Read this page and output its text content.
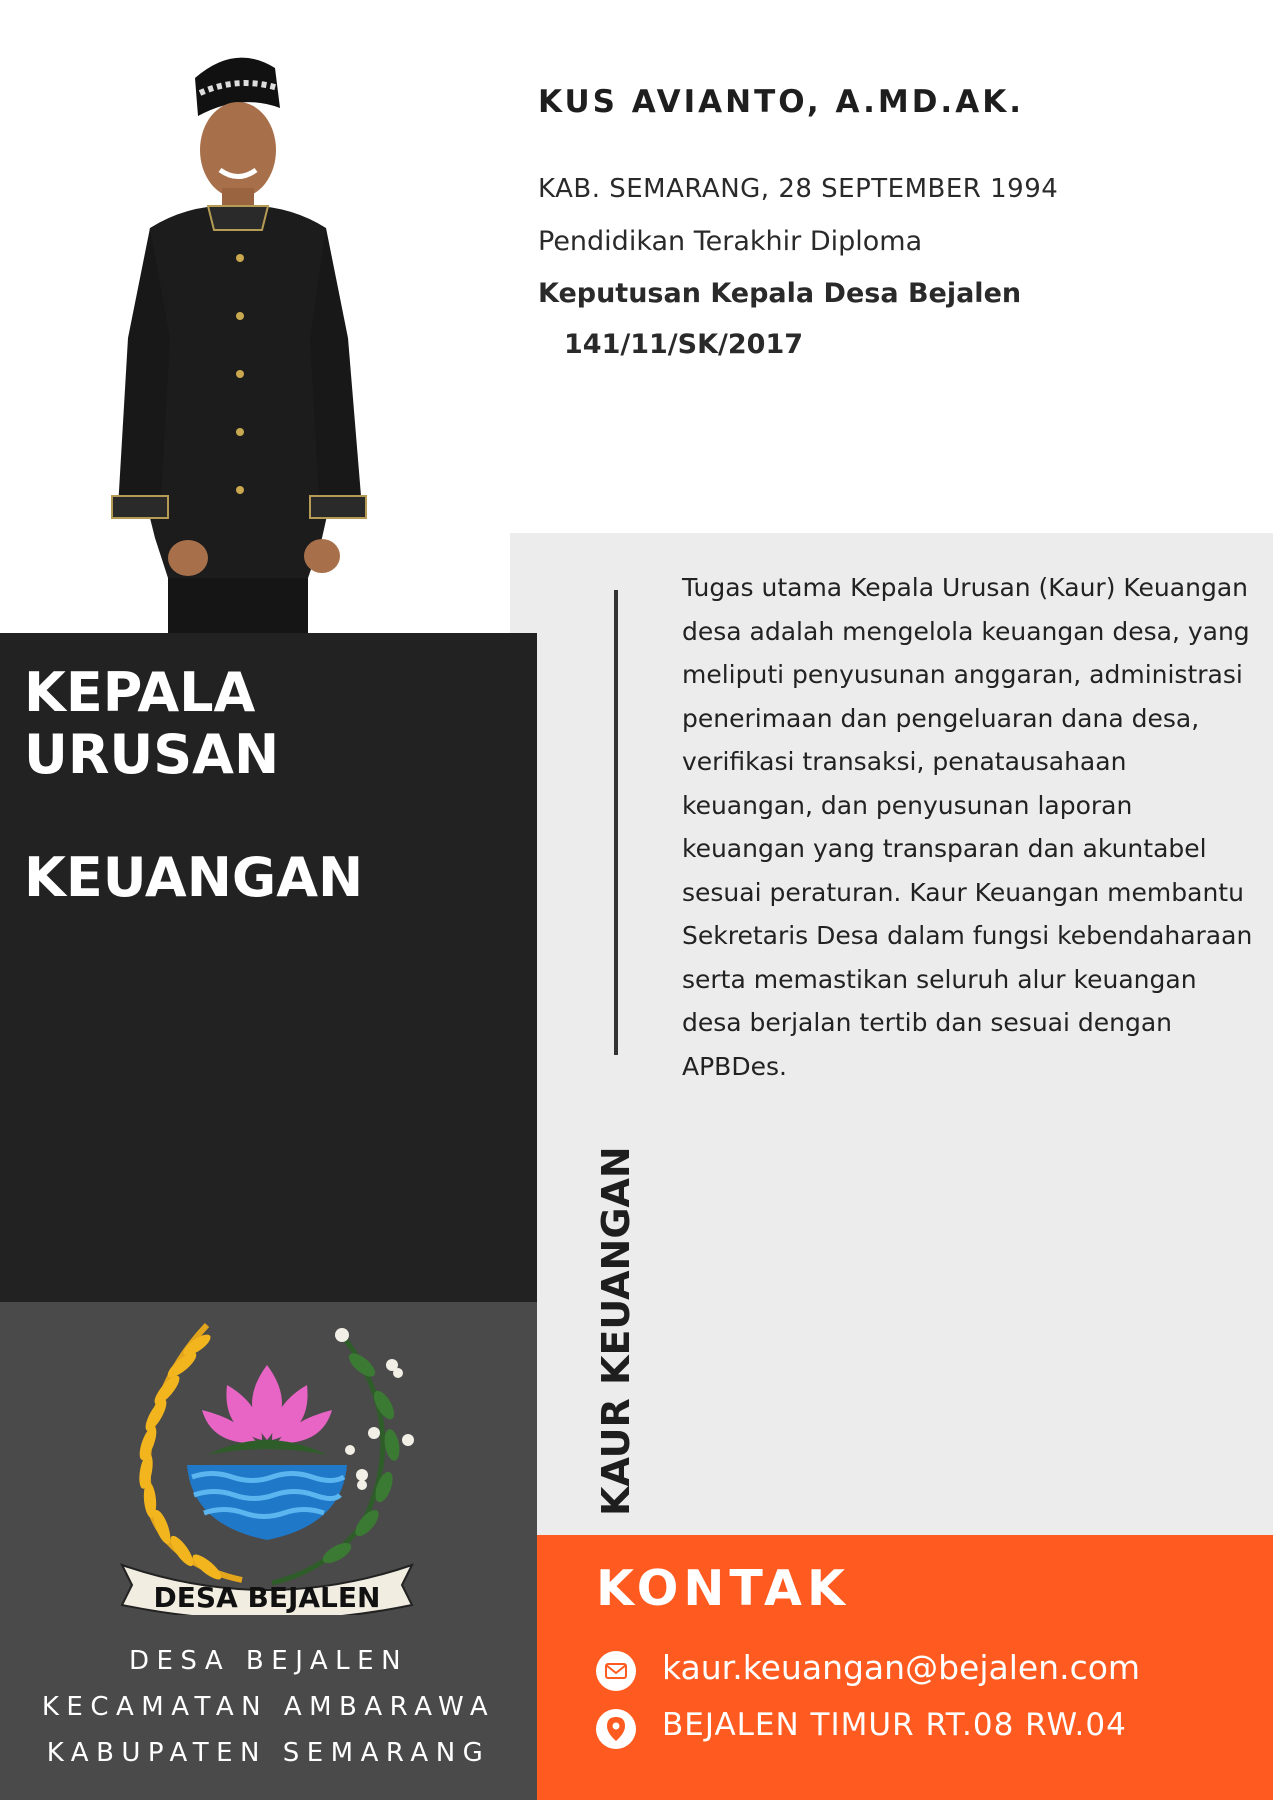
KUS AVIANTO, A.MD.AK.
KAB. SEMARANG, 28 SEPTEMBER 1994
Pendidikan Terakhir Diploma
Keputusan Kepala Desa Bejalen
141/11/SK/2017
Tugas utama Kepala Urusan (Kaur) Keuangan desa adalah mengelola keuangan desa, yang meliputi penyusunan anggaran, administrasi penerimaan dan pengeluaran dana desa, verifikasi transaksi, penatausahaan keuangan, dan penyusunan laporan keuangan yang transparan dan akuntabel sesuai peraturan. Kaur Keuangan membantu Sekretaris Desa dalam fungsi kebendaharaan serta memastikan seluruh alur keuangan desa berjalan tertib dan sesuai dengan APBDes.
KAUR KEUANGAN
KEPALA
URUSAN
KEUANGAN
DESA BEJALEN
DESA BEJALEN
KECAMATAN AMBARAWA
KABUPATEN SEMARANG
KONTAK
kaur.keuangan@bejalen.com
BEJALEN TIMUR RT.08 RW.04
